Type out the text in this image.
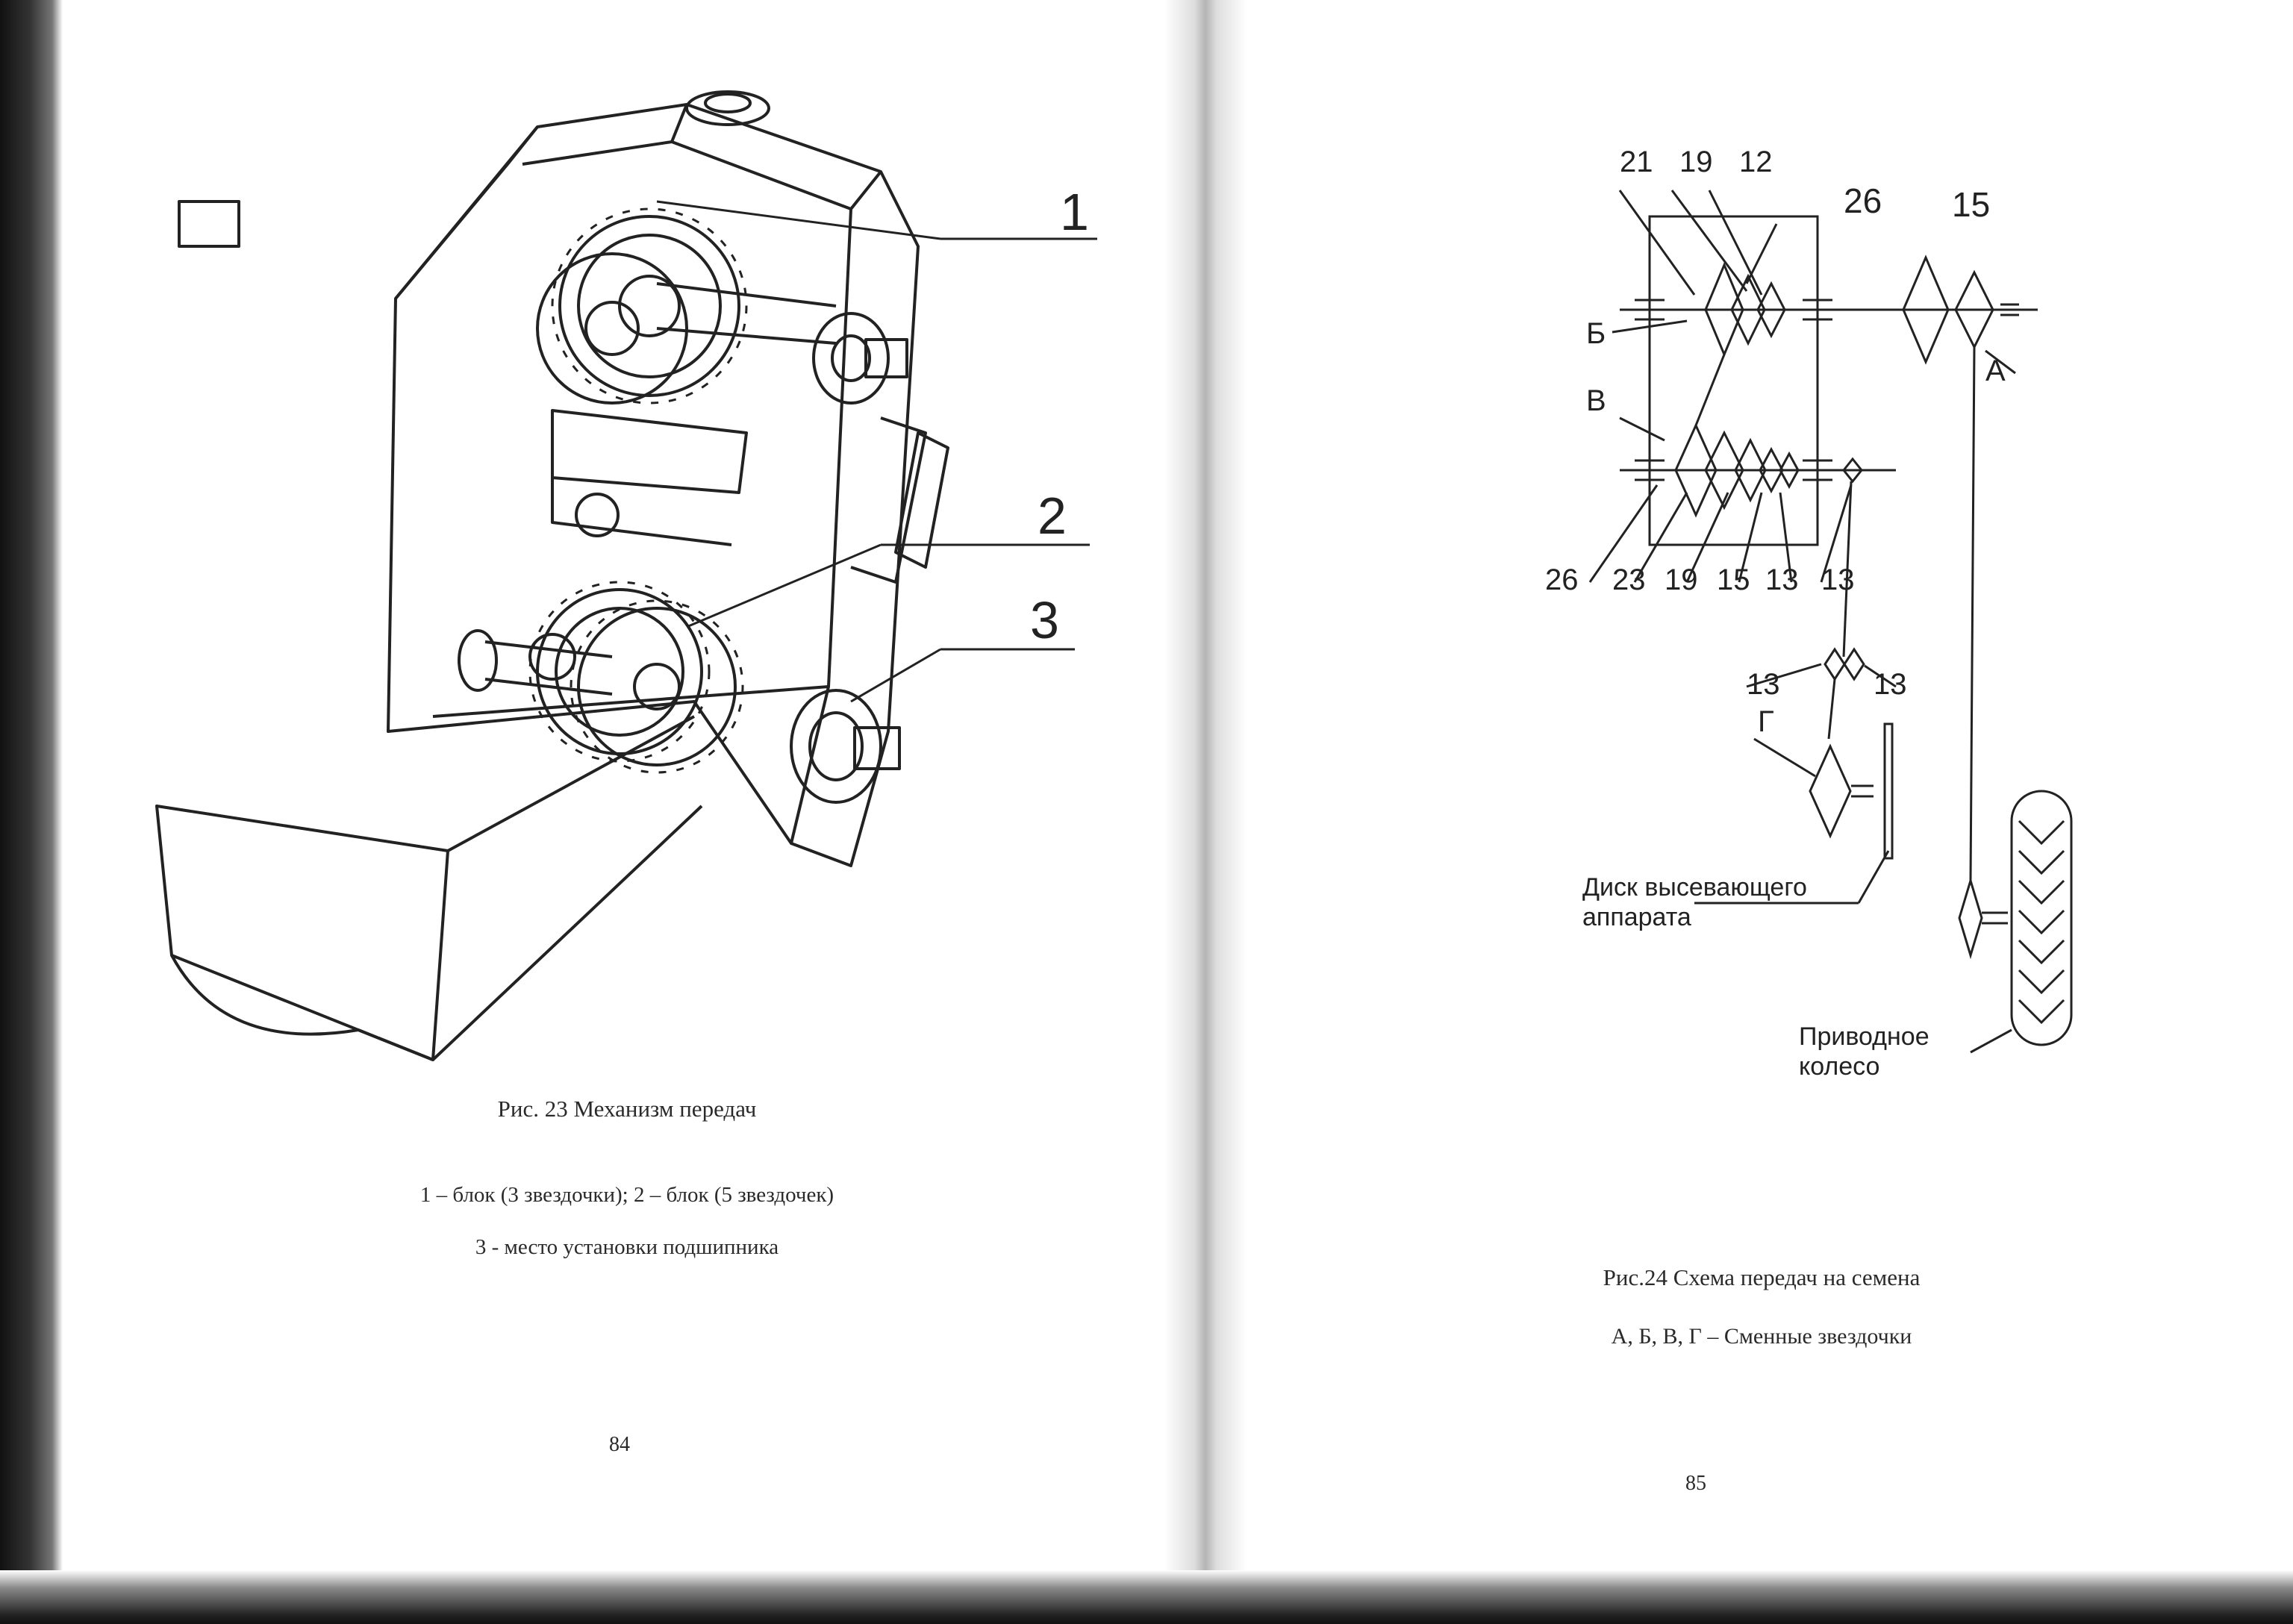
1
2
3
Рис. 23 Механизм передач
1 – блок (3 звездочки); 2 – блок (5 звездочек)
3 - место установки подшипника
84
21 19 12
26 15
Б
А
В
26 23 19 15 13 13
13	13
Г
Диск высевающего
аппарата
Приводное
колесо
Рис.24 Схема передач на семена
А, Б, В, Г – Сменные звездочки
85
